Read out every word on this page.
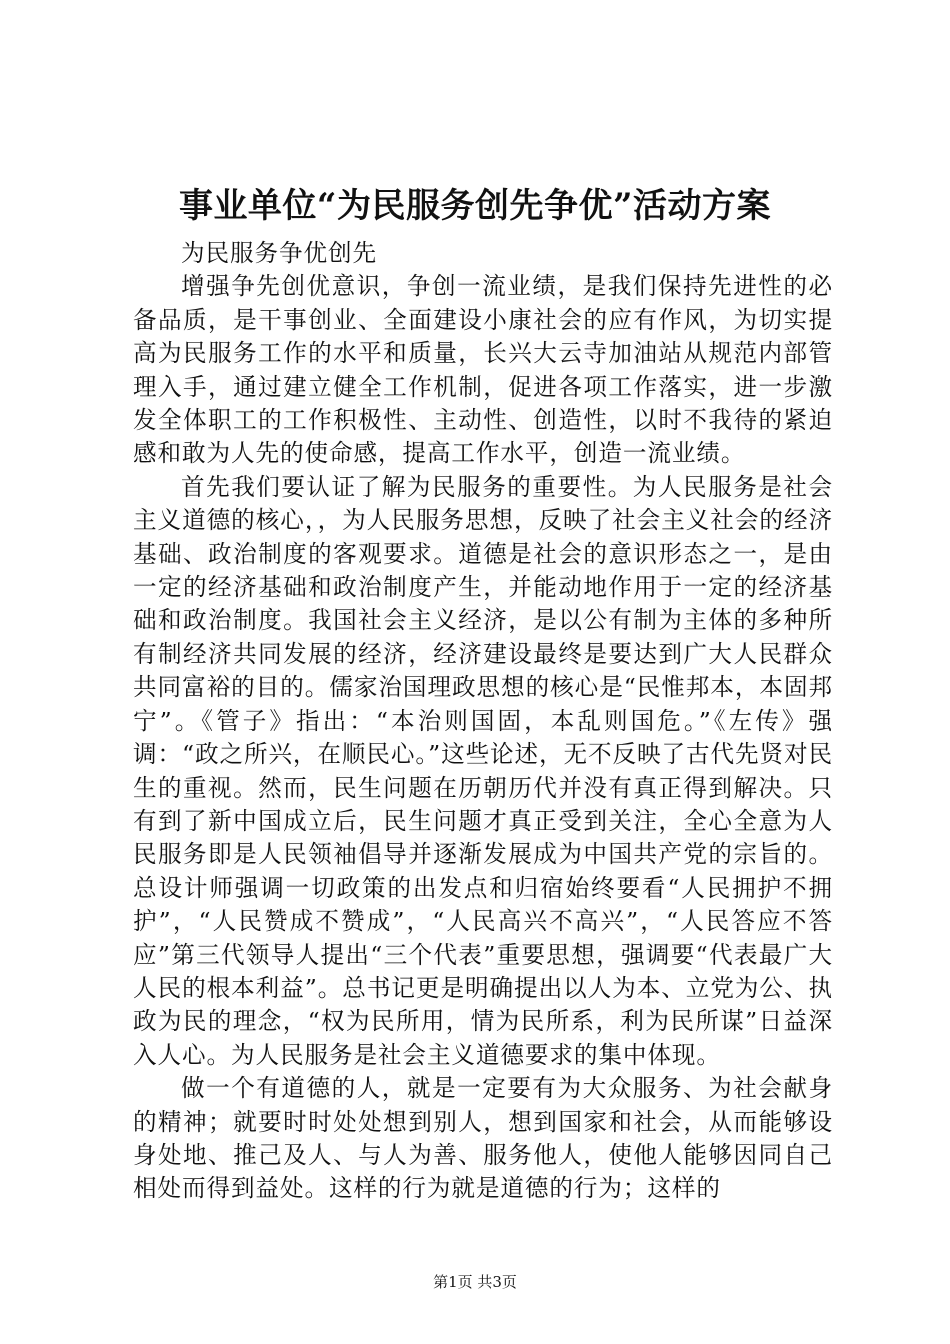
事业单位“为民服务创先争优”活动方案

为民服务争优创先

增强争先创优意识，争创一流业绩，是我们保持先进性的必备品质，是干事创业、全面建设小康社会的应有作风，为切实提高为民服务工作的水平和质量，长兴大云寺加油站从规范内部管理入手，通过建立健全工作机制，促进各项工作落实，进一步激发全体职工的工作积极性、主动性、创造性，以时不我待的紧迫感和敢为人先的使命感，提高工作水平，创造一流业绩。

首先我们要认证了解为民服务的重要性。为人民服务是社会主义道德的核心，，为人民服务思想，反映了社会主义社会的经济基础、政治制度的客观要求。道德是社会的意识形态之一，是由一定的经济基础和政治制度产生，并能动地作用于一定的经济基础和政治制度。我国社会主义经济，是以公有制为主体的多种所有制经济共同发展的经济，经济建设最终是要达到广大人民群众共同富裕的目的。儒家治国理政思想的核心是“民惟邦本，本固邦宁”。《管子》指出：“本治则国固，本乱则国危。”《左传》强调：“政之所兴，在顺民心。”这些论述，无不反映了古代先贤对民生的重视。然而，民生问题在历朝历代并没有真正得到解决。只有到了新中国成立后，民生问题才真正受到关注，全心全意为人民服务即是人民领袖倡导并逐渐发展成为中国共产党的宗旨的。总设计师强调一切政策的出发点和归宿始终要看“人民拥护不拥护”，“人民赞成不赞成”，“人民高兴不高兴”，“人民答应不答应”第三代领导人提出“三个代表”重要思想，强调要“代表最广大人民的根本利益”。总书记更是明确提出以人为本、立党为公、执政为民的理念，“权为民所用，情为民所系，利为民所谋”日益深入人心。为人民服务是社会主义道德要求的集中体现。

做一个有道德的人，就是一定要有为大众服务、为社会献身的精神；就要时时处处想到别人，想到国家和社会，从而能够设身处地、推己及人、与人为善、服务他人，使他人能够因同自己相处而得到益处。这样的行为就是道德的行为；这样的

第1页 共3页
